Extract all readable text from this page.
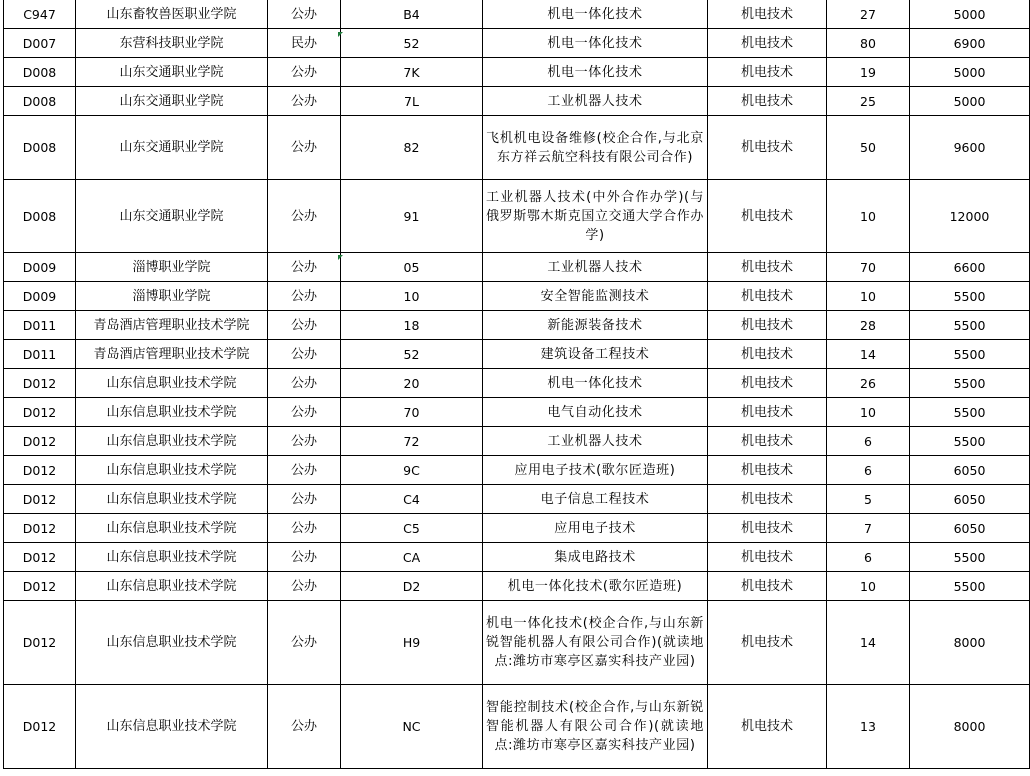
C947	山东畜牧兽医职业学院	公办	B4	机电一体化技术	机电技术	27	5000
D007	东营科技职业学院	民办	52	机电一体化技术	机电技术	80	6900
D008	山东交通职业学院	公办	7K	机电一体化技术	机电技术	19	5000
D008	山东交通职业学院	公办	7L	工业机器人技术	机电技术	25	5000
D008	山东交通职业学院	公办	82	飞机机电设备维修(校企合作,与北京东方祥云航空科技有限公司合作)	机电技术	50	9600
D008	山东交通职业学院	公办	91	工业机器人技术(中外合作办学)(与俄罗斯鄂木斯克国立交通大学合作办学)	机电技术	10	12000
D009	淄博职业学院	公办	05	工业机器人技术	机电技术	70	6600
D009	淄博职业学院	公办	10	安全智能监测技术	机电技术	10	5500
D011	青岛酒店管理职业技术学院	公办	18	新能源装备技术	机电技术	28	5500
D011	青岛酒店管理职业技术学院	公办	52	建筑设备工程技术	机电技术	14	5500
D012	山东信息职业技术学院	公办	20	机电一体化技术	机电技术	26	5500
D012	山东信息职业技术学院	公办	70	电气自动化技术	机电技术	10	5500
D012	山东信息职业技术学院	公办	72	工业机器人技术	机电技术	6	5500
D012	山东信息职业技术学院	公办	9C	应用电子技术(歌尔匠造班)	机电技术	6	6050
D012	山东信息职业技术学院	公办	C4	电子信息工程技术	机电技术	5	6050
D012	山东信息职业技术学院	公办	C5	应用电子技术	机电技术	7	6050
D012	山东信息职业技术学院	公办	CA	集成电路技术	机电技术	6	5500
D012	山东信息职业技术学院	公办	D2	机电一体化技术(歌尔匠造班)	机电技术	10	5500
D012	山东信息职业技术学院	公办	H9	机电一体化技术(校企合作,与山东新锐智能机器人有限公司合作)(就读地点:潍坊市寒亭区嘉实科技产业园)	机电技术	14	8000
D012	山东信息职业技术学院	公办	NC	智能控制技术(校企合作,与山东新锐智能机器人有限公司合作)(就读地点:潍坊市寒亭区嘉实科技产业园)	机电技术	13	8000
